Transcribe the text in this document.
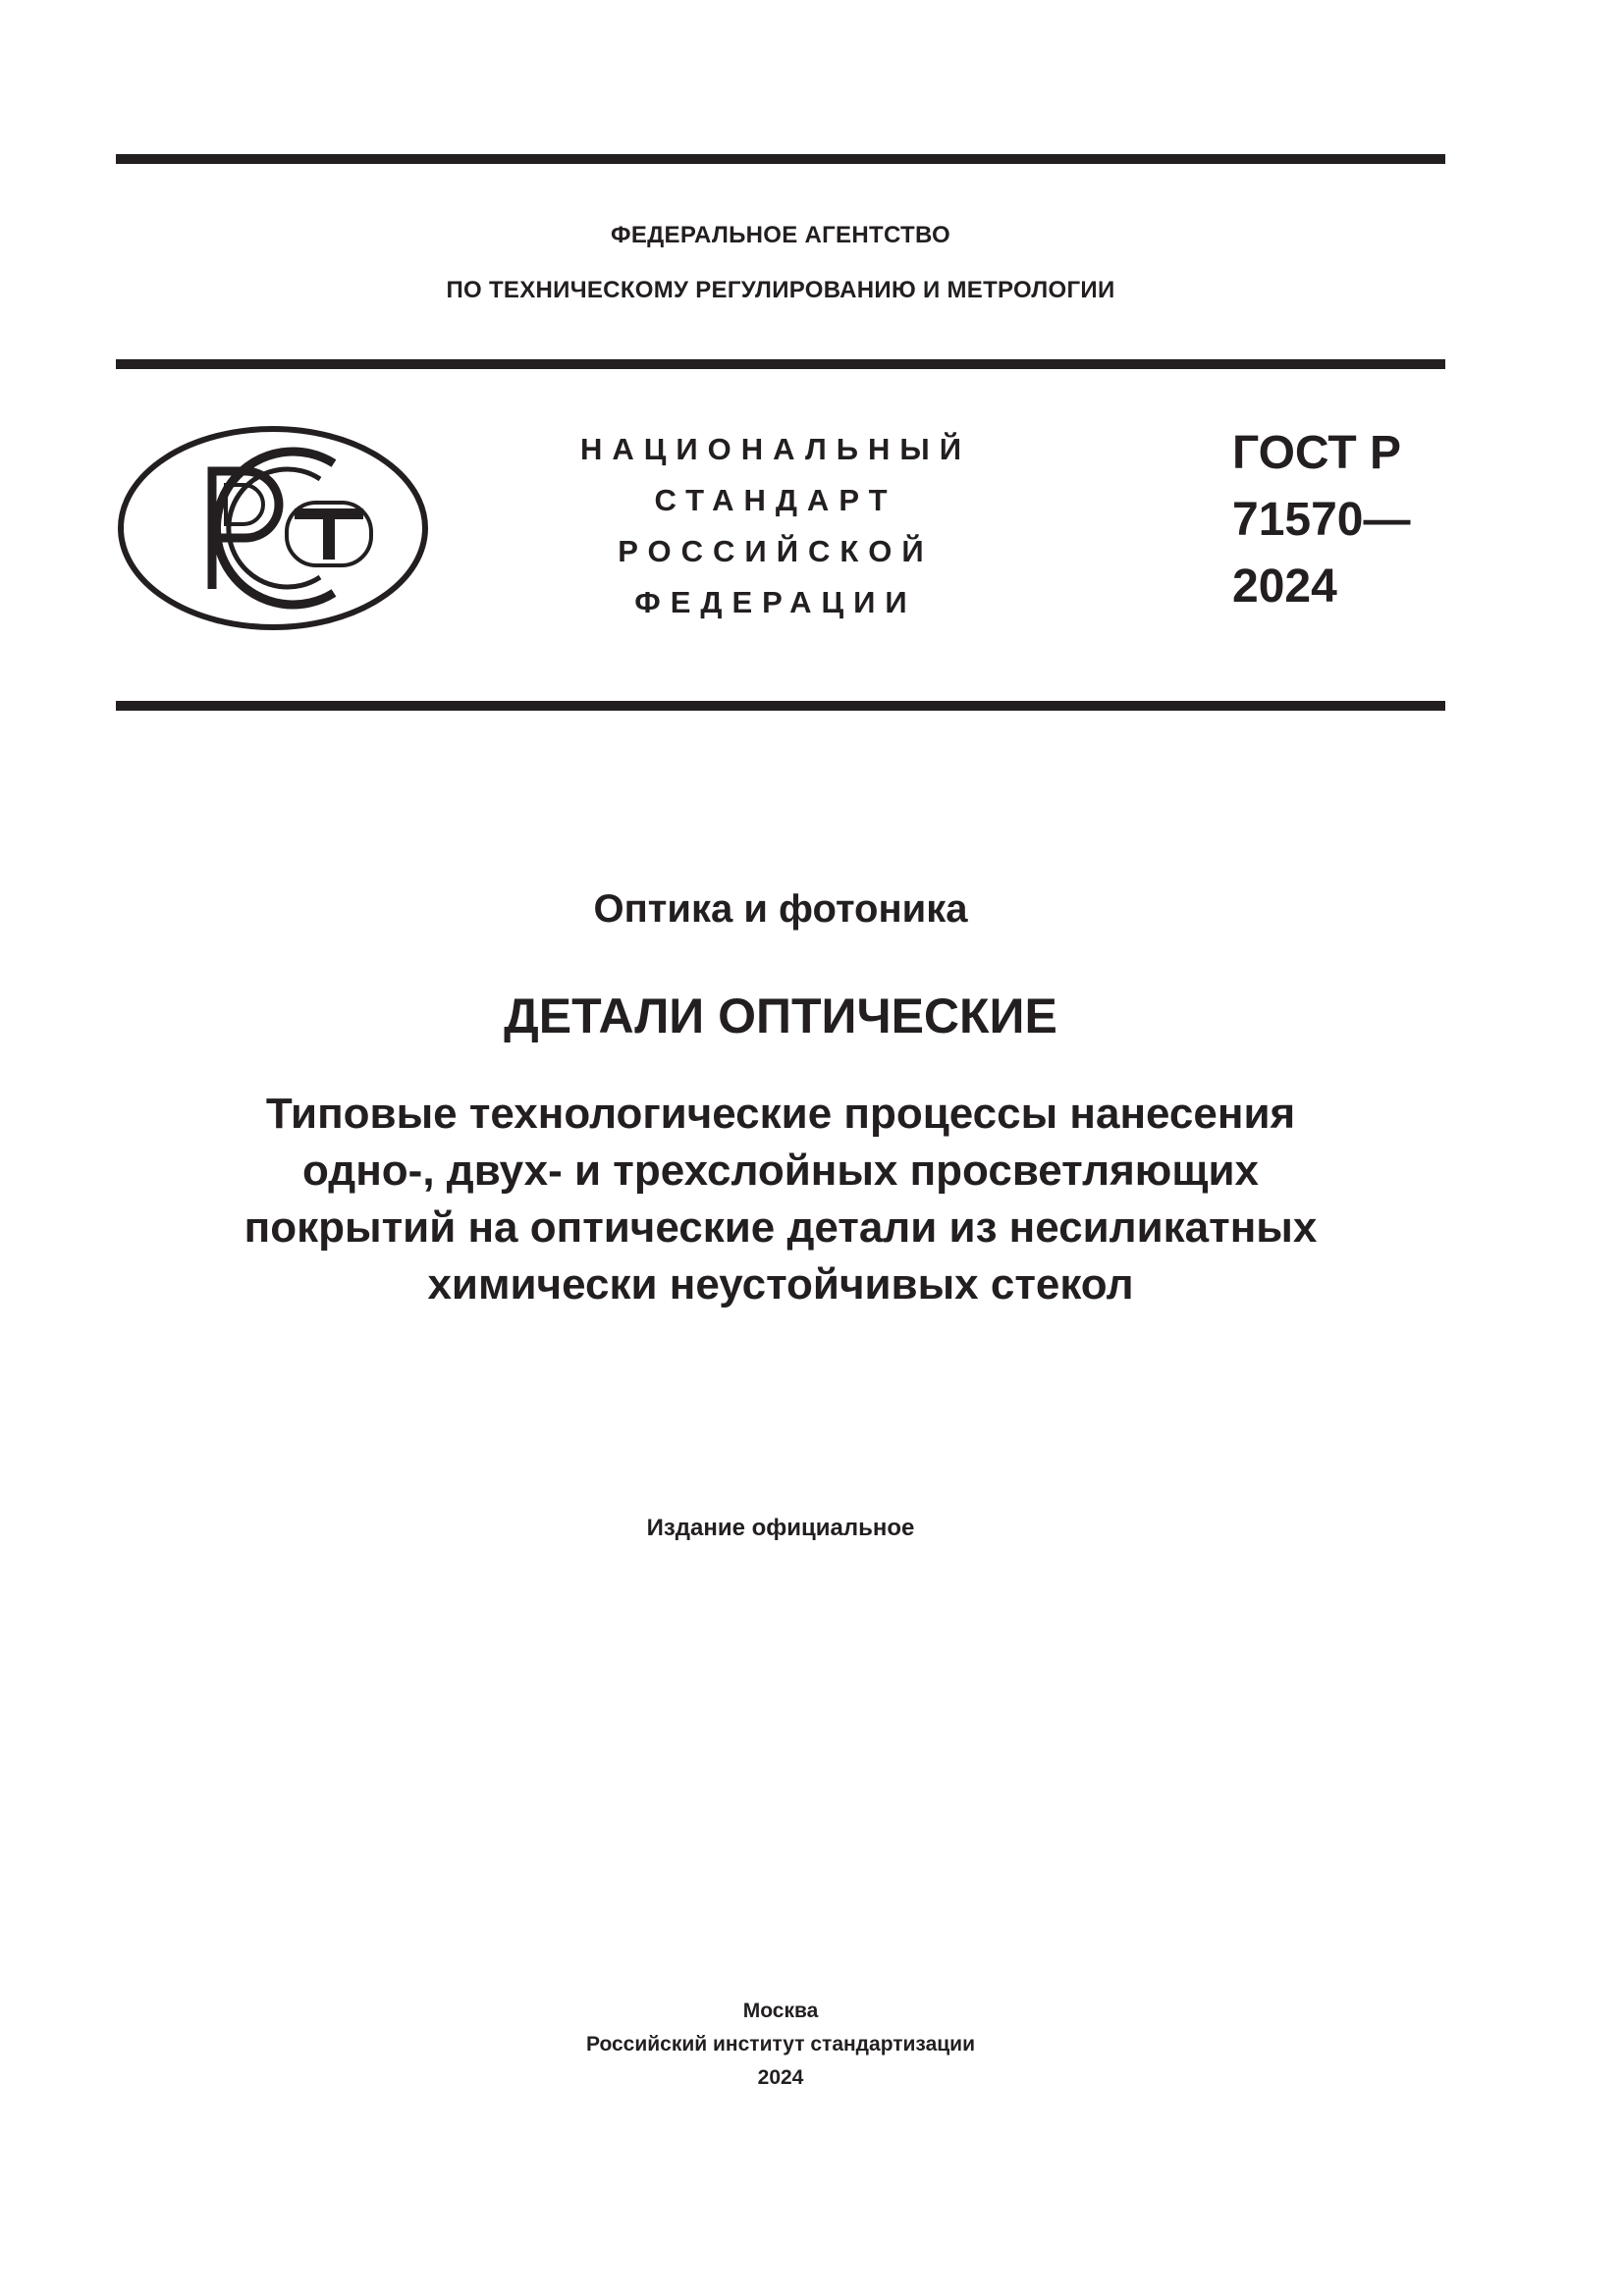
ФЕДЕРАЛЬНОЕ АГЕНТСТВО
ПО ТЕХНИЧЕСКОМУ РЕГУЛИРОВАНИЮ И МЕТРОЛОГИИ
НАЦИОНАЛЬНЫЙ
СТАНДАРТ
РОССИЙСКОЙ
ФЕДЕРАЦИИ
ГОСТ Р
71570—
2024
Оптика и фотоника
ДЕТАЛИ ОПТИЧЕСКИЕ
Типовые технологические процессы нанесения
одно-, двух- и трехслойных просветляющих
покрытий на оптические детали из несиликатных
химически неустойчивых стекол
Издание официальное
Москва
Российский институт стандартизации
2024
